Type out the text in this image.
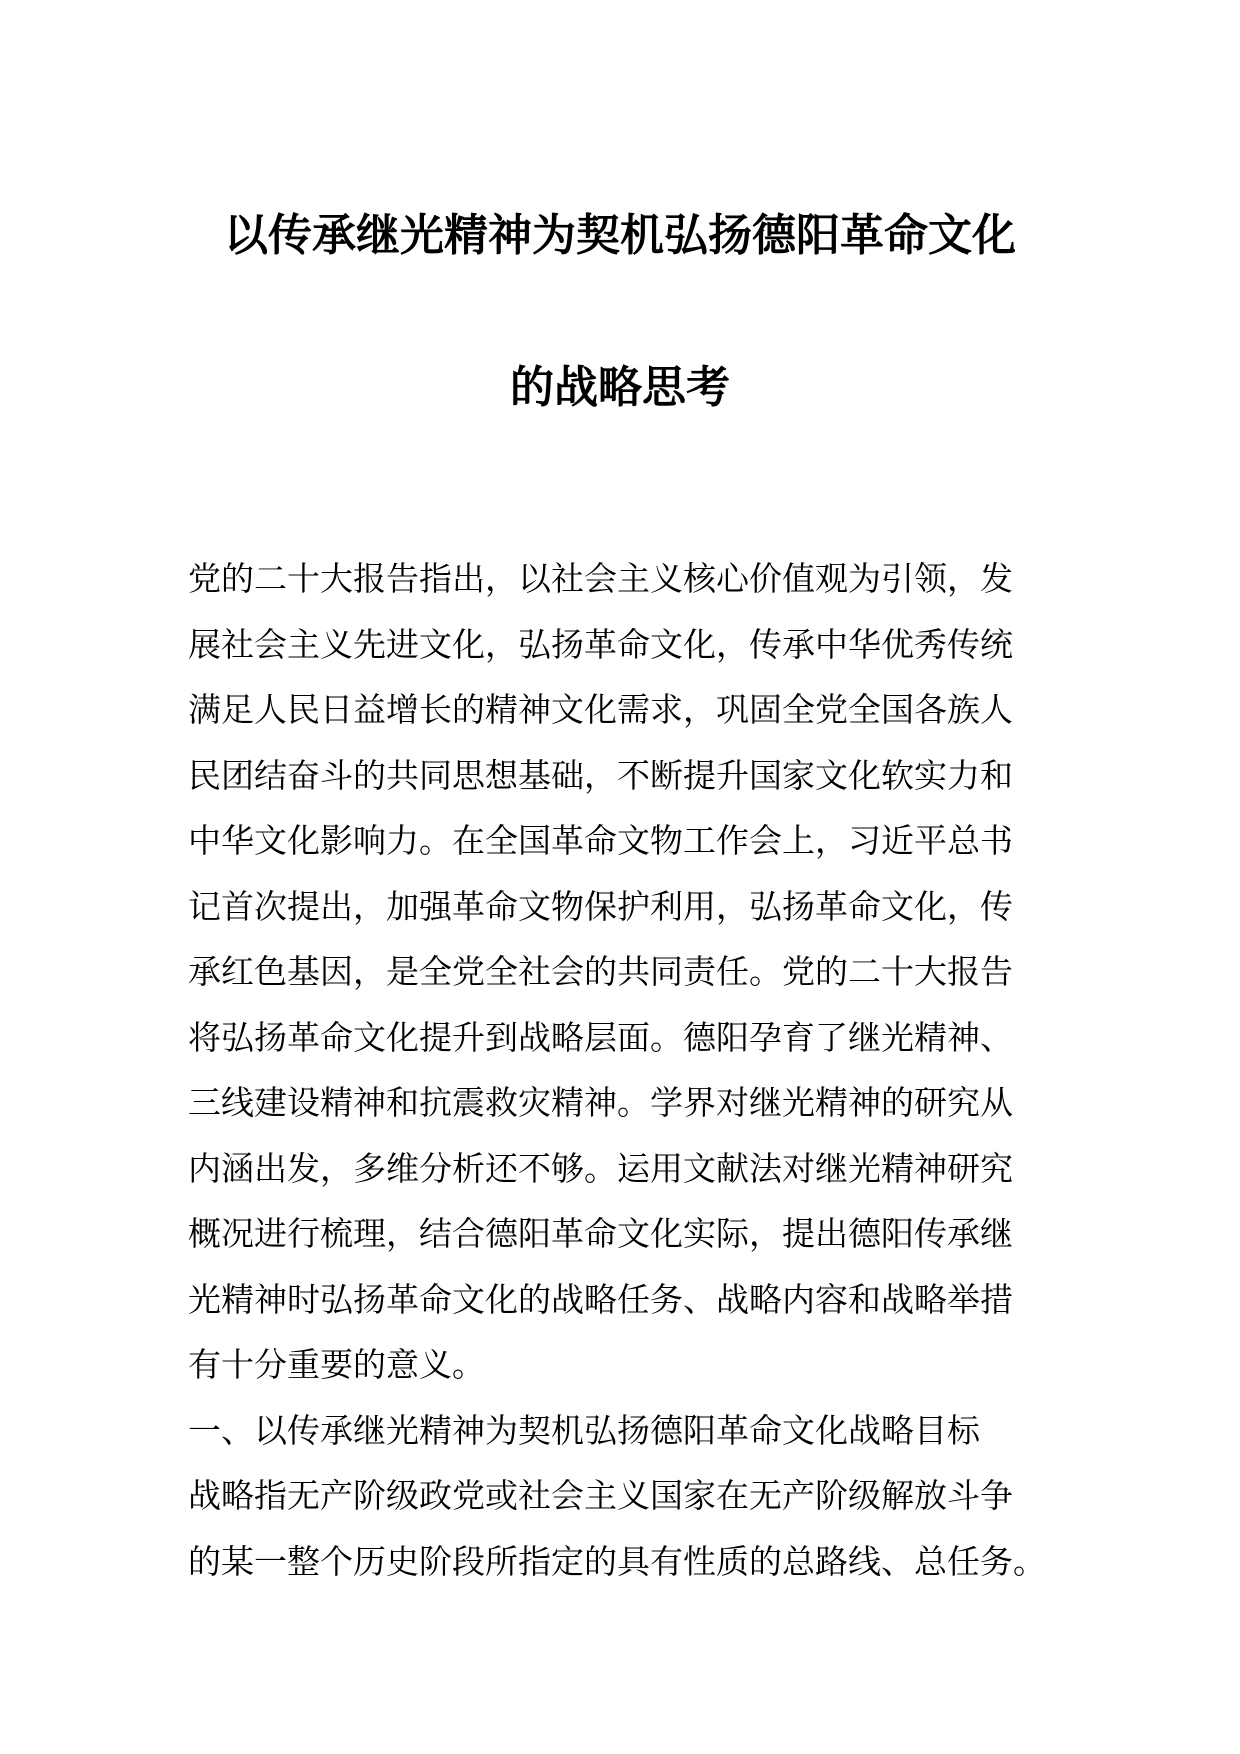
以传承继光精神为契机弘扬德阳革命文化
的战略思考
党的二十大报告指出，以社会主义核心价值观为引领，发
展社会主义先进文化，弘扬革命文化，传承中华优秀传统
满足人民日益增长的精神文化需求，巩固全党全国各族人
民团结奋斗的共同思想基础，不断提升国家文化软实力和
中华文化影响力。在全国革命文物工作会上，习近平总书
记首次提出，加强革命文物保护利用，弘扬革命文化，传
承红色基因，是全党全社会的共同责任。党的二十大报告
将弘扬革命文化提升到战略层面。德阳孕育了继光精神、
三线建设精神和抗震救灾精神。学界对继光精神的研究从
内涵出发，多维分析还不够。运用文献法对继光精神研究
概况进行梳理，结合德阳革命文化实际，提出德阳传承继
光精神时弘扬革命文化的战略任务、战略内容和战略举措
有十分重要的意义。
一、以传承继光精神为契机弘扬德阳革命文化战略目标
战略指无产阶级政党或社会主义国家在无产阶级解放斗争
的某一整个历史阶段所指定的具有性质的总路线、总任务。
